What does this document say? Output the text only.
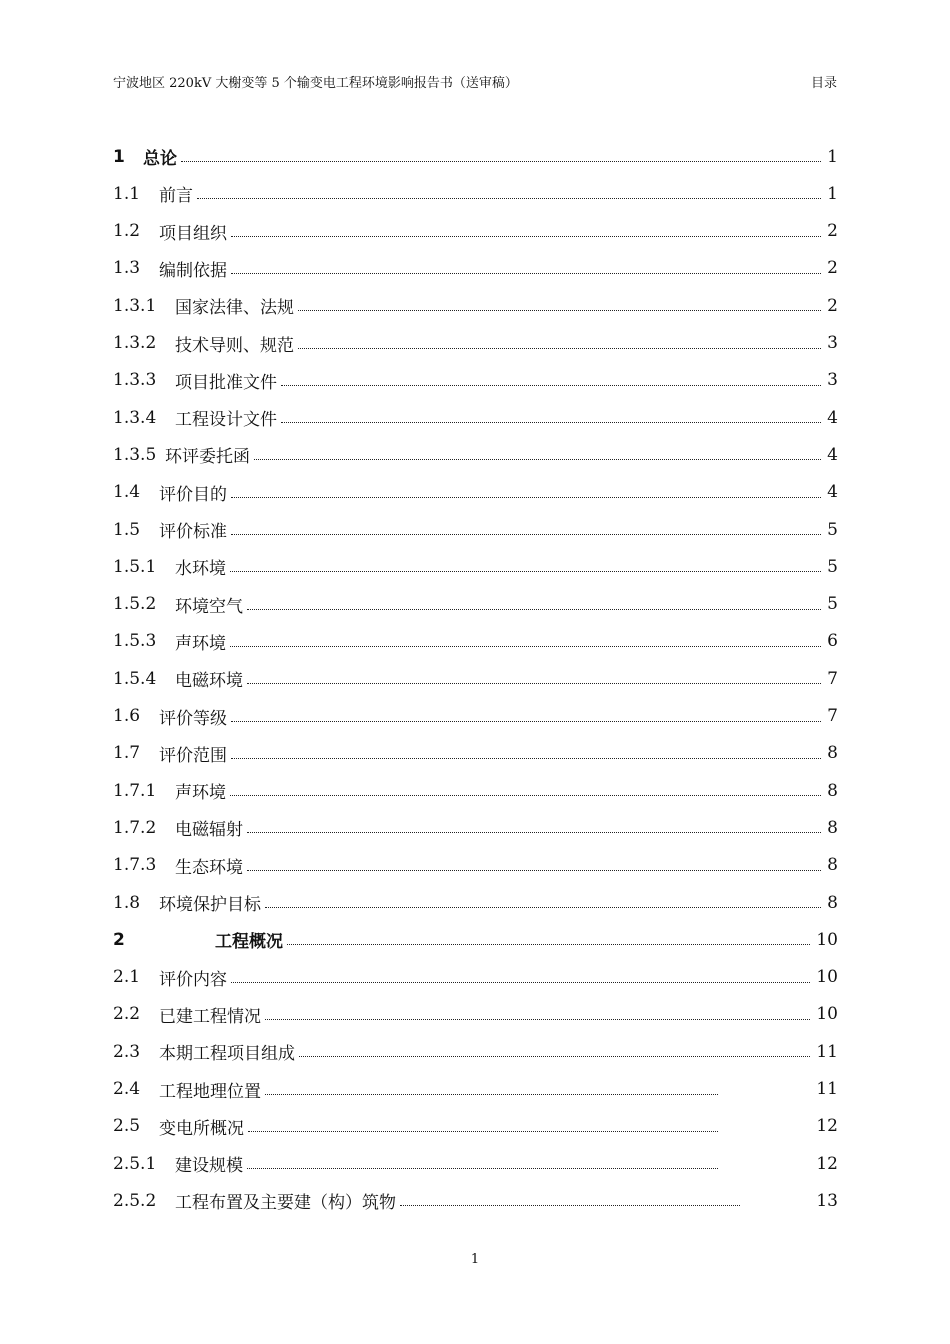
宁波地区 220kV 大榭变等 5 个输变电工程环境影响报告书（送审稿）	目录
1	总论	1
1.1	前言	1
1.2	项目组织	2
1.3	编制依据	2
1.3.1	国家法律、法规	2
1.3.2	技术导则、规范	3
1.3.3	项目批准文件	3
1.3.4	工程设计文件	4
1.3.5 环评委托函	4
1.4	评价目的	4
1.5	评价标准	5
1.5.1	水环境	5
1.5.2	环境空气	5
1.5.3	声环境	6
1.5.4	电磁环境	7
1.6	评价等级	7
1.7	评价范围	8
1.7.1	声环境	8
1.7.2	电磁辐射	8
1.7.3	生态环境	8
1.8	环境保护目标	8
2	工程概况	10
2.1	评价内容	10
2.2	已建工程情况	10
2.3	本期工程项目组成	11
2.4	工程地理位置	11
2.5	变电所概况	12
2.5.1	建设规模	12
2.5.2	工程布置及主要建（构）筑物	13
1
